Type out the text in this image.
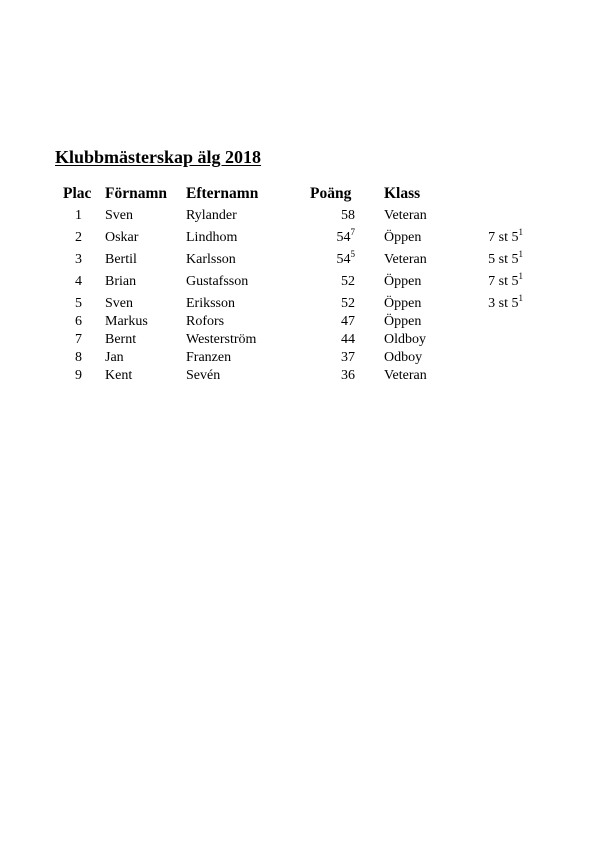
Klubbmästerskap älg 2018
Plac Förnamn Efternamn	Poäng Klass
1 Sven	Rylander	58 Veteran
2 Oskar	Lindhom	$54^7$ Öppen	7 st $5^1$
3 Bertil	Karlsson	$54^5$ Veteran	5 st $5^1$
4 Brian	Gustafsson	52 Öppen	7 st $5^1$
5 Sven	Eriksson	52 Öppen	3 st $5^1$
6 Markus	Rofors	47 Öppen
7 Bernt	Westerström	44 Oldboy
8 Jan	Franzen	37 Odboy
9 Kent	Sevén	36 Veteran
